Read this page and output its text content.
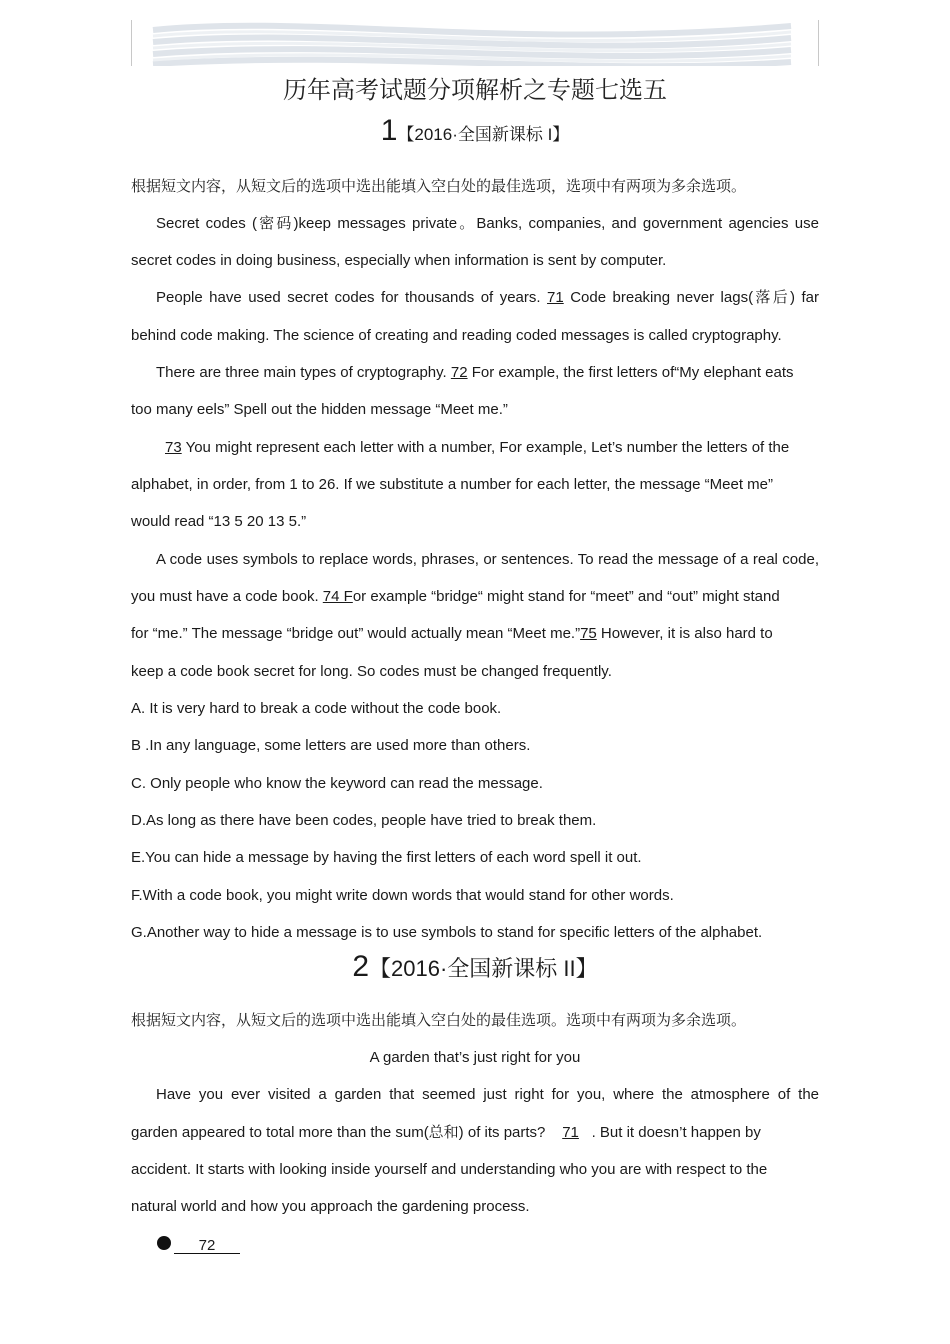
历年高考试题分项解析之专题七选五
1【2016·全国新课标 I】
根据短文内容，从短文后的选项中选出能填入空白处的最佳选项，选项中有两项为多余选项。
Secret codes (密码)keep messages private。Banks, companies, and government agencies use
secret codes in doing business, especially when information is sent by computer.
People have used secret codes for thousands of years. 71 Code breaking never lags(落后) far
behind code making. The science of creating and reading coded messages is called cryptography.
There are three main types of cryptography. 72 For example, the first letters of“My elephant eats
too many eels” Spell out the hidden message “Meet me.”
73 You might represent each letter with a number, For example, Let’s number the letters of the
alphabet, in order, from 1 to 26. If we substitute a number for each letter, the message “Meet me”
would read “13 5 20 13 5.”
A code uses symbols to replace words, phrases, or sentences. To read the message of a real code,
you must have a code book. 74 For example “bridge“ might stand for “meet” and “out” might stand
for “me.” The message “bridge out” would actually mean “Meet me.”75 However, it is also hard to
keep a code book secret for long. So codes must be changed frequently.
A. It is very hard to break a code without the code book.
B .In any language, some letters are used more than others.
C. Only people who know the keyword can read the message.
D.As long as there have been codes, people have tried to break them.
E.You can hide a message by having the first letters of each word spell it out.
F.With a code book, you might write down words that would stand for other words.
G.Another way to hide a message is to use symbols to stand for specific letters of the alphabet.
2【2016·全国新课标 II】
根据短文内容，从短文后的选项中选出能填入空白处的最佳选项。选项中有两项为多余选项。
A garden that’s just right for you
Have you ever visited a garden that seemed just right for you, where the atmosphere of the
garden appeared to total more than the sum(总和) of its parts? 71 . But it doesn’t happen by
accident. It starts with looking inside yourself and understanding who you are with respect to the
natural world and how you approach the gardening process.
72
